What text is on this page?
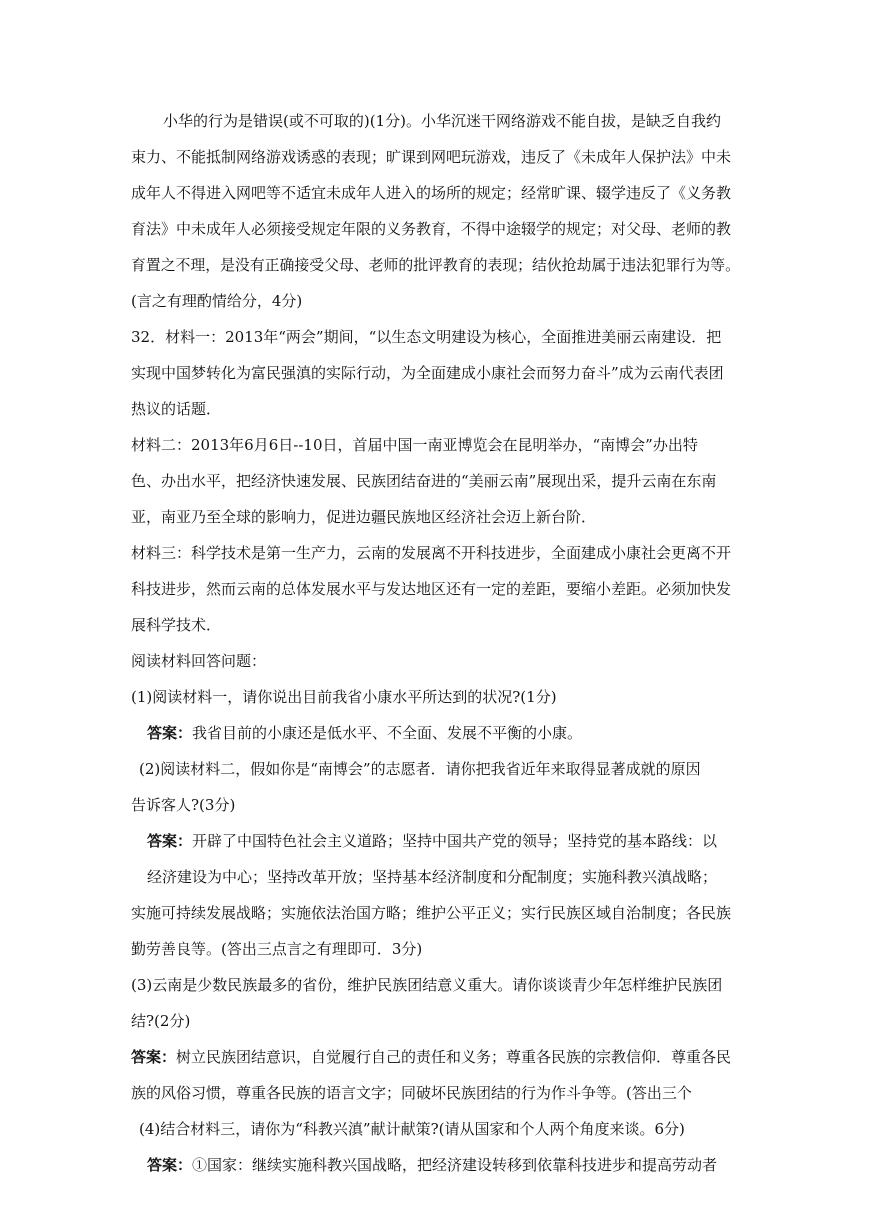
小华的行为是错误(或不可取的)(1分)。小华沉迷干网络游戏不能自拔，是缺乏自我约
束力、不能抵制网络游戏诱惑的表现；旷课到网吧玩游戏，违反了《未成年人保护法》中未
成年人不得进入网吧等不适宜未成年人进入的场所的规定；经常旷课、辍学违反了《义务教
育法》中未成年人必须接受规定年限的义务教育，不得中途辍学的规定；对父母、老师的教
育置之不理，是没有正确接受父母、老师的批评教育的表现；结伙抢劫属于违法犯罪行为等。
(言之有理酌情给分，4分)
32．材料一：2013年“两会”期间，“以生态文明建设为核心，全面推进美丽云南建设．把
实现中国梦转化为富民强滇的实际行动，为全面建成小康社会而努力奋斗”成为云南代表团
热议的话题．
材料二：2013年6月6日--10日，首届中国一南亚博览会在昆明举办，“南博会”办出特
色、办出水平，把经济快速发展、民族团结奋进的“美丽云南”展现出采，提升云南在东南
亚，南亚乃至全球的影响力，促进边疆民族地区经济社会迈上新台阶．
材料三：科学技术是第一生产力，云南的发展离不开科技进步，全面建成小康社会更离不开
科技进步，然而云南的总体发展水平与发达地区还有一定的差距，要缩小差距。必须加快发
展科学技术．
阅读材料回答问题：
(1)阅读材料一，请你说出目前我省小康水平所达到的状况?(1分)
答案：我省目前的小康还是低水平、不全面、发展不平衡的小康。
(2)阅读材料二，假如你是“南博会”的志愿者．请你把我省近年来取得显著成就的原因
告诉客人?(3分)
答案：开辟了中国特色社会主义道路；坚持中国共产党的领导；坚持党的基本路线：以
经济建设为中心；坚持改革开放；坚持基本经济制度和分配制度；实施科教兴滇战略；
实施可持续发展战略；实施依法治国方略；维护公平正义；实行民族区域自治制度；各民族
勤劳善良等。(答出三点言之有理即可．3分)
(3)云南是少数民族最多的省份，维护民族团结意义重大。请你谈谈青少年怎样维护民族团
结?(2分)
答案：树立民族团结意识，自觉履行自己的责任和义务；尊重各民族的宗教信仰．尊重各民
族的风俗习惯，尊重各民族的语言文字；同破坏民族团结的行为作斗争等。(答出三个
(4)结合材料三，请你为“科教兴滇”献计献策?(请从国家和个人两个角度来谈。6分)
答案：①国家：继续实施科教兴国战略，把经济建设转移到依靠科技进步和提高劳动者
